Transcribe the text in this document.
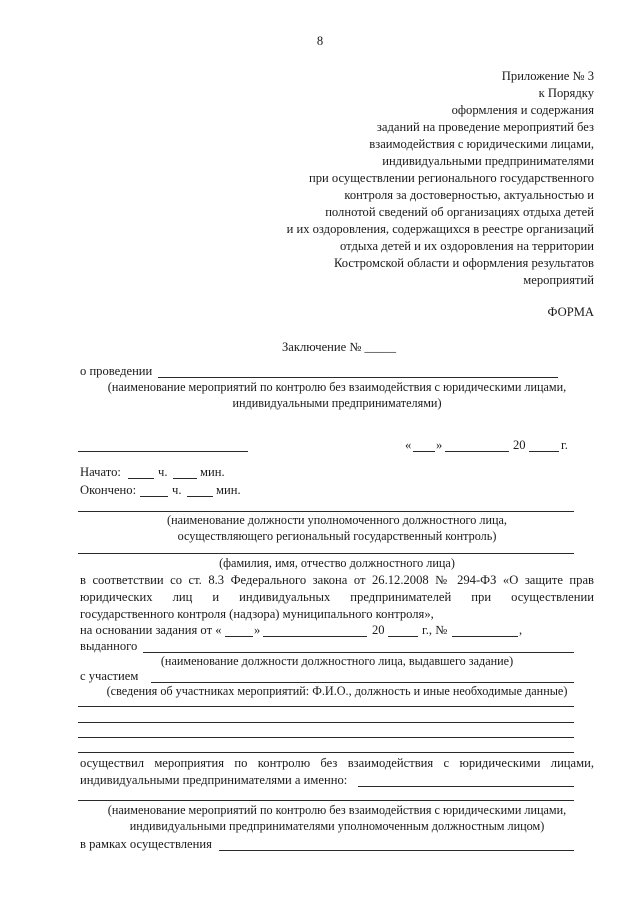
8
Приложение № 3
к Порядку
оформления и содержания
заданий на проведение мероприятий без
взаимодействия с юридическими лицами,
индивидуальными предпринимателями
при осуществлении регионального государственного
контроля за достоверностью, актуальностью и
полнотой сведений об организациях отдыха детей
и их оздоровления, содержащихся в реестре организаций
отдыха детей и их оздоровления на территории
Костромской области и оформления результатов
мероприятий
ФОРМА
Заключение № _____
о проведении
(наименование мероприятий по контролю без взаимодействия с юридическими лицами,
индивидуальными предпринимателями)
« »	20	г.
Начато:	ч.	мин.
Окончено:	ч.	мин.
(наименование должности уполномоченного должностного лица,
осуществляющего региональный государственный контроль)
(фамилия, имя, отчество должностного лица)
в соответствии со ст. 8.3 Федерального закона от 26.12.2008 № 294-ФЗ «О защите прав
юридических лиц и индивидуальных предпринимателей при осуществлении
государственного контроля (надзора) муниципального контроля»,
на основании задания от «	»	20	г., №	,
выданного
(наименование должности должностного лица, выдавшего задание)
с участием
(сведения об участниках мероприятий: Ф.И.О., должность и иные необходимые данные)
осуществил мероприятия по контролю без взаимодействия с юридическими лицами,
индивидуальными предпринимателями а именно:
(наименование мероприятий по контролю без взаимодействия с юридическими лицами,
индивидуальными предпринимателями уполномоченным должностным лицом)
в рамках осуществления
